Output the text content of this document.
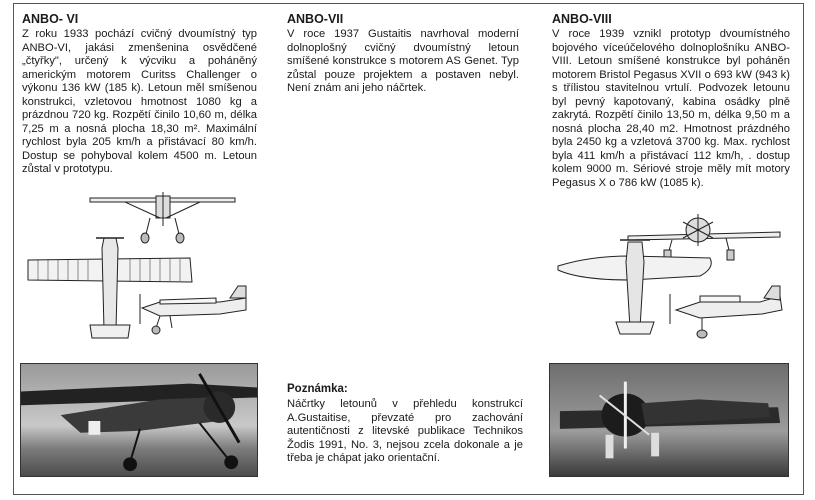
ANBO- VI

Z roku 1933 pochází cvičný dvoumístný typ ANBO-VI, jakási zmenšenina osvědčené „čtyřky", určený k výcviku a poháněný americkým motorem Curitss Challenger o výkonu 136 kW (185 k). Letoun měl smíšenou konstrukci, vzletovou hmotnost 1080 kg a prázdnou 720 kg. Rozpětí činilo 10,60 m, délka 7,25 m a nosná plocha 18,30 m². Maximální rychlost byla 205 km/h a přistávací 80 km/h. Dostup se pohyboval kolem 4500 m. Letoun zůstal v prototypu.

ANBO-VII

V roce 1937 Gustaitis navrhoval moderní dolnoplošný cvičný dvoumístný letoun smíšené konstrukce s motorem AS Genet. Typ zůstal pouze projektem a postaven nebyl. Není znám ani jeho náčrtek.

ANBO-VIII

V roce 1939 vznikl prototyp dvoumístného bojového víceúčelového dolnoplošníku ANBO-VIII. Letoun smíšené konstrukce byl poháněn motorem Bristol Pegasus XVII o 693 kW (943 k) s třílistou stavitelnou vrtulí. Podvozek letounu byl pevný kapotovaný, kabina osádky plně zakrytá. Rozpětí činilo 13,50 m, délka 9,50 m a nosná plocha 28,40 m2. Hmotnost prázdného byla 2450 kg a vzletová 3700 kg. Max. rychlost byla 411 km/h a přistávací 112 km/h, . dostup kolem 9000 m. Sériové stroje měly mít motory Pegasus X o 786 kW (1085 k).

Poznámka:

Náčrtky letounů v přehledu konstrukcí A.Gustaitise, převzaté pro zachování autentičnosti z litevské publikace Technikos Žodis 1991, No. 3, nejsou zcela dokonale a je třeba je chápat jako orientační.
